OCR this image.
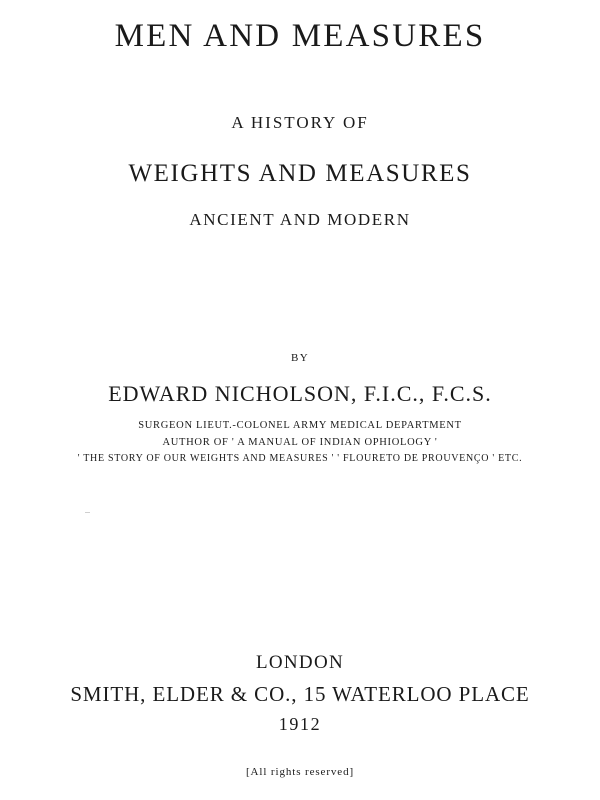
MEN AND MEASURES
A HISTORY OF
WEIGHTS AND MEASURES
ANCIENT AND MODERN
BY
EDWARD NICHOLSON, F.I.C., F.C.S.
SURGEON LIEUT.-COLONEL ARMY MEDICAL DEPARTMENT
AUTHOR OF ' A MANUAL OF INDIAN OPHIOLOGY '
' THE STORY OF OUR WEIGHTS AND MEASURES ' ' FLOURETO DE PROUVENÇO ' ETC.
LONDON
SMITH, ELDER & CO., 15 WATERLOO PLACE
1912
[All rights reserved]
